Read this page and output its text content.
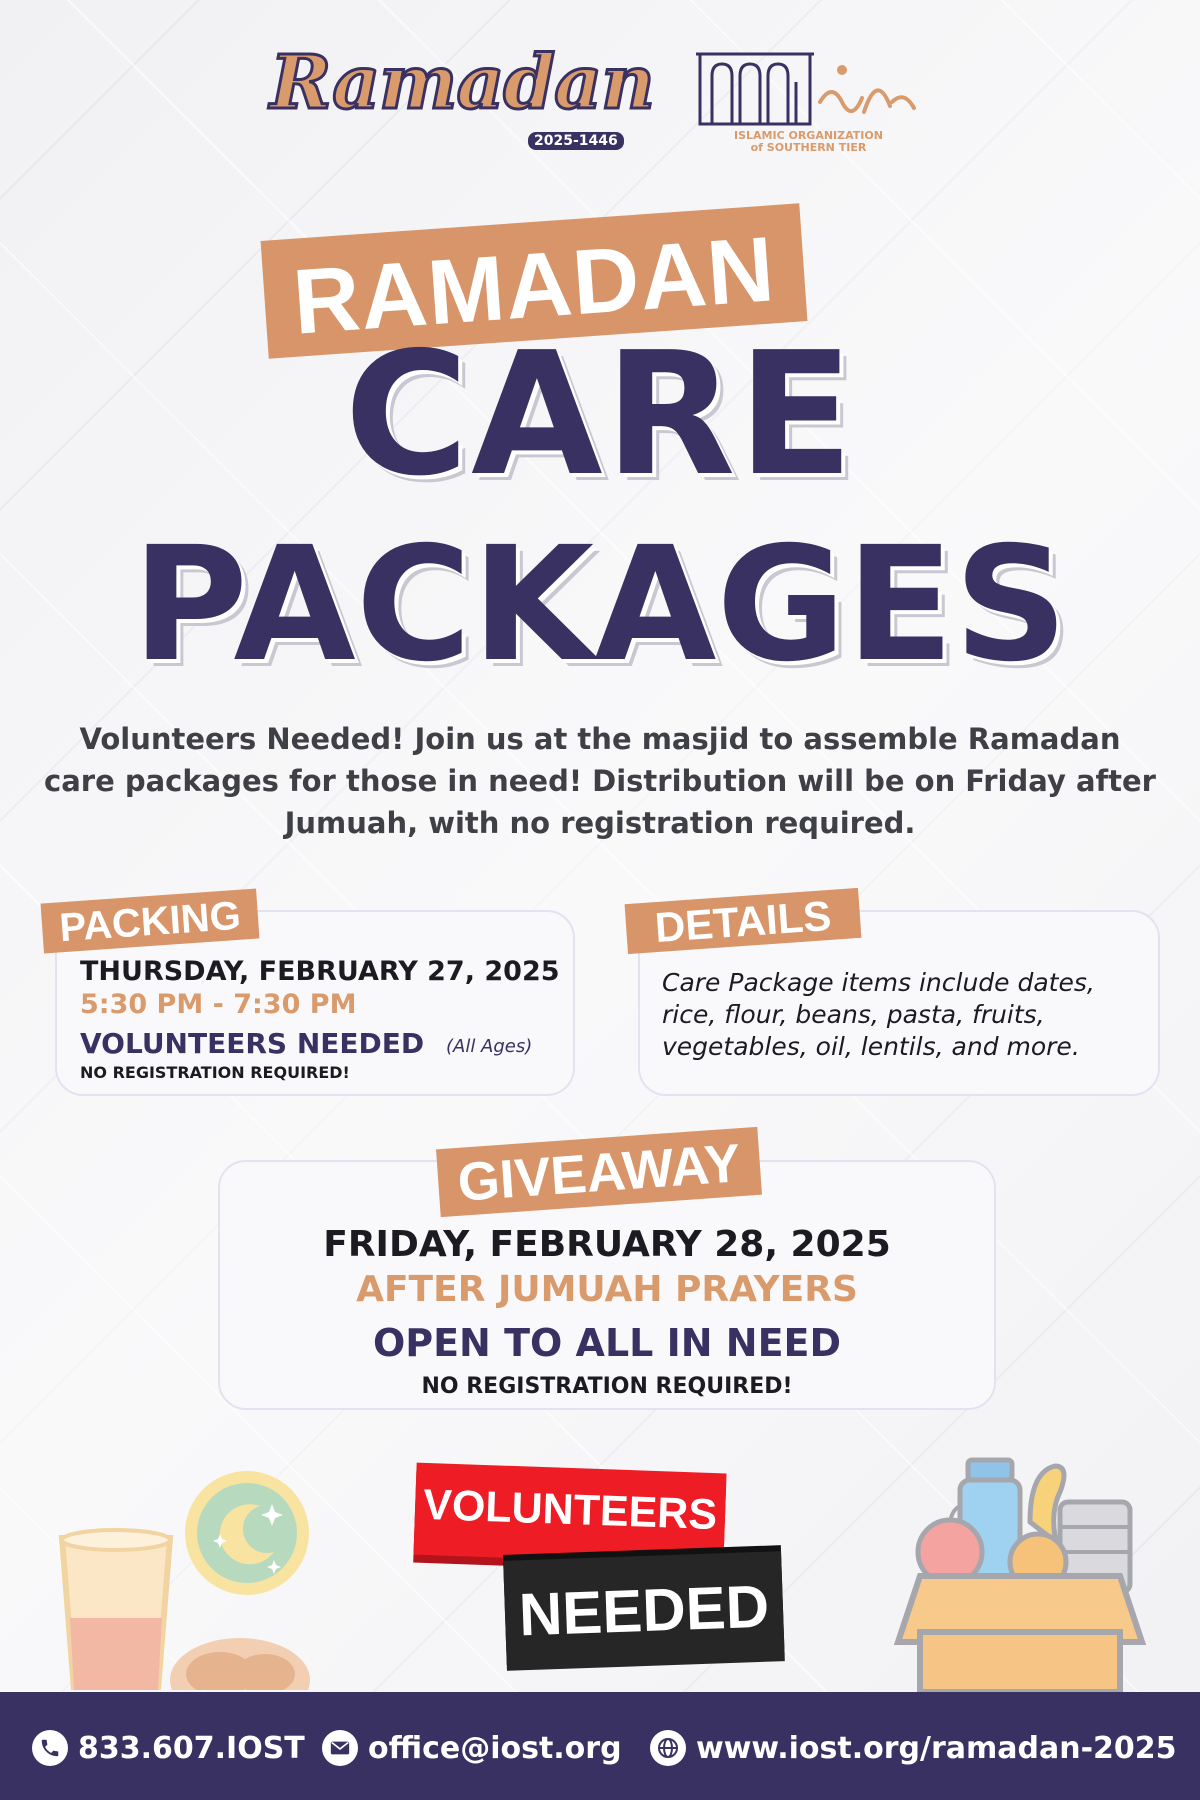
Ramadan
2025-1446	ISLAMIC ORGANIZATION
of SOUTHERN TIER
RAMADAN
CARE
PACKAGES
Volunteers Needed! Join us at the masjid to assemble Ramadan care packages for those in need! Distribution will be on Friday after Jumuah, with no registration required.
PACKING
THURSDAY, FEBRUARY 27, 2025
5:30 PM - 7:30 PM
VOLUNTEERS NEEDED (All Ages)
NO REGISTRATION REQUIRED!
DETAILS
Care Package items include dates, rice, flour, beans, pasta, fruits, vegetables, oil, lentils, and more.
GIVEAWAY
FRIDAY, FEBRUARY 28, 2025
AFTER JUMUAH PRAYERS
OPEN TO ALL IN NEED
NO REGISTRATION REQUIRED!
VOLUNTEERS
NEEDED
833.607.IOST office@iost.org www.iost.org/ramadan-2025
